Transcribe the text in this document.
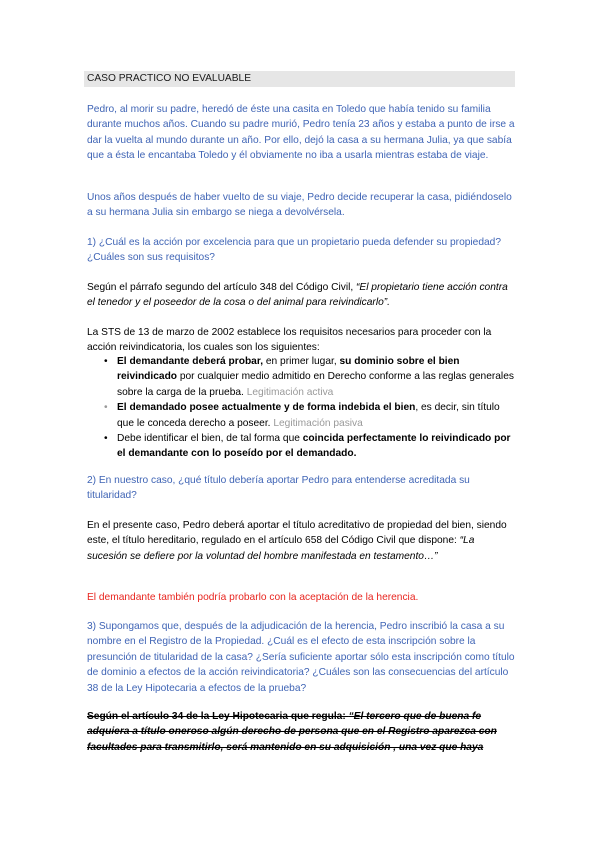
CASO PRACTICO NO EVALUABLE

Pedro, al morir su padre, heredó de éste una casita en Toledo que había tenido su familia durante muchos años. Cuando su padre murió, Pedro tenía 23 años y estaba a punto de irse a dar la vuelta al mundo durante un año. Por ello, dejó la casa a su hermana Julia, ya que sabía que a ésta le encantaba Toledo y él obviamente no iba a usarla mientras estaba de viaje.

Unos años después de haber vuelto de su viaje, Pedro decide recuperar la casa, pidiéndoselo a su hermana Julia sin embargo se niega a devolvérsela.

1) ¿Cuál es la acción por excelencia para que un propietario pueda defender su propiedad? ¿Cuáles son sus requisitos?

Según el párrafo segundo del artículo 348 del Código Civil, “El propietario tiene acción contra el tenedor y el poseedor de la cosa o del animal para reivindicarlo”.

La STS de 13 de marzo de 2002 establece los requisitos necesarios para proceder con la acción reivindicatoria, los cuales son los siguientes:

• El demandante deberá probar, en primer lugar, su dominio sobre el bien reivindicado por cualquier medio admitido en Derecho conforme a las reglas generales sobre la carga de la prueba. Legitimación activa
• El demandado posee actualmente y de forma indebida el bien, es decir, sin título que le conceda derecho a poseer. Legitimación pasiva
• Debe identificar el bien, de tal forma que coincida perfectamente lo reivindicado por el demandante con lo poseído por el demandado.

2) En nuestro caso, ¿qué título debería aportar Pedro para entenderse acreditada su titularidad?

En el presente caso, Pedro deberá aportar el título acreditativo de propiedad del bien, siendo este, el título hereditario, regulado en el artículo 658 del Código Civil que dispone: “La sucesión se defiere por la voluntad del hombre manifestada en testamento…”

El demandante también podría probarlo con la aceptación de la herencia.

3) Supongamos que, después de la adjudicación de la herencia, Pedro inscribió la casa a su nombre en el Registro de la Propiedad. ¿Cuál es el efecto de esta inscripción sobre la presunción de titularidad de la casa? ¿Sería suficiente aportar sólo esta inscripción como título de dominio a efectos de la acción reivindicatoria? ¿Cuáles son las consecuencias del artículo 38 de la Ley Hipotecaria a efectos de la prueba?

Según el artículo 34 de la Ley Hipotecaria que regula: “El tercero que de buena fe adquiera a título oneroso algún derecho de persona que en el Registro aparezca con facultades para transmitirlo, será mantenido en su adquisición , una vez que haya
